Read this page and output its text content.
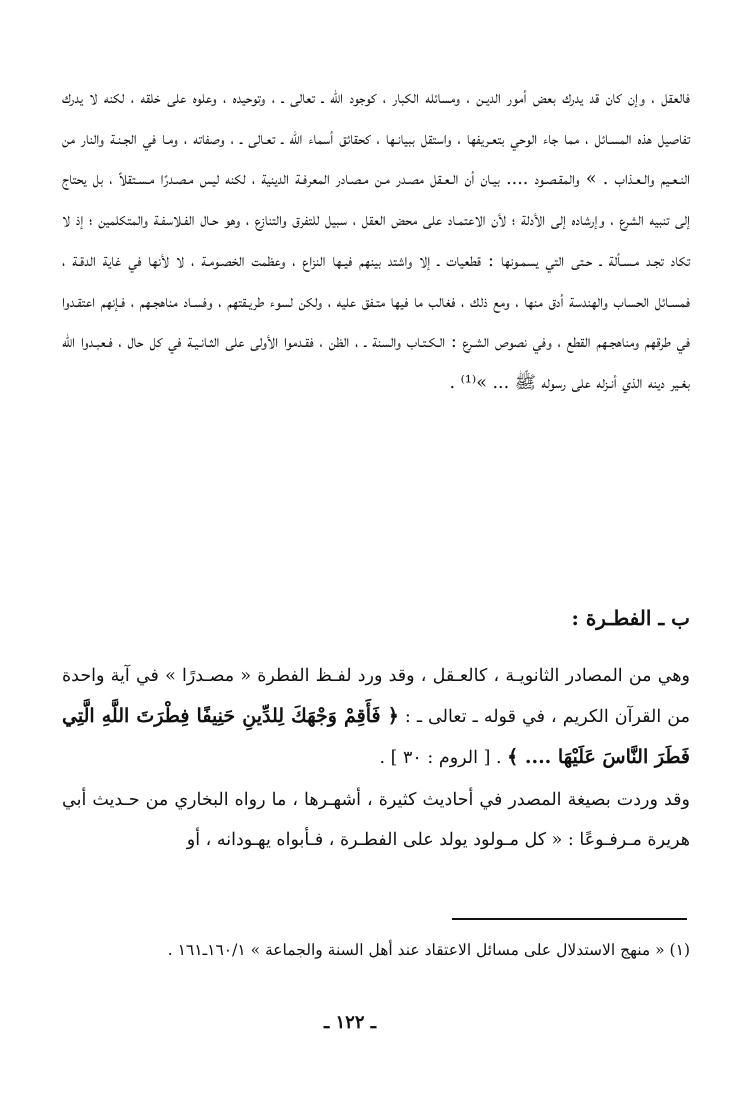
فالعقل ، وإن كان قد يدرك بعض أمور الديـن ، ومسائله الكبار ، كوجود الله ـ تعالى ـ ، وتوحيده ، وعلوه على خلقه ، لكنه لا يدرك تفاصيل هذه المسـائل ، مما جاء الوحي بتعـريفها ، واستقل ببيانـها ، كحقائق أسماء الله ـ تعـالى ـ ، وصفاته ، ومـا في الجـنـة والنار من النـعـيم والـعـذاب . » والمقـصـود .... بيـان أن الـعـقل مصـدر مـن مـصـادر المعرفـة الدينية ، لكنه ليس مـصـدرًا مـسـتقلاً ، بل يحتاج إلى تنبيه الشرع ، وإرشاده إلى الأدلة ؛ لأن الاعتمـاد على محض العقل ، سبيل للتفرق والتنازع ، وهو حـال الفـلاسفـة والمتكلمين ؛ إذ لا تكاد تجـد مـسـألة ـ حـتى التي يسمـونها : قطعيات ـ إلا واشتد بينهم فيـها النزاع ، وعظمت الخصـومـة ، لا لأنها في غاية الدقـة ، فمسـائل الحساب والهندسة أدق منها ، ومع ذلك ، فغالب ما فيها متـفق عليه ، ولكن لسوء طريـقتهم ، وفسـاد مناهجـهم ، فـإنهم اعتقـدوا في طرقهم ومناهجـهم القطع ، وفي نصوص الشـرع : الـكـتـاب والسنة ـ ، الظن ، فقـدموا الأولى على الثـانـيـة في كل حال ، فـعبـدوا الله بغـير دينه الذي أنـزله على رسوله ﷺ ... »⁽¹⁾ .

ب ـ الفطـرة :

وهي من المصادر الثانويـة ، كالعـقل ، وقد ورد لفـظ الفطرة « مصـدرًا » في آية واحدة من القرآن الكريم ، في قوله ـ تعالى ـ : ﴿ فَأَقِمْ وَجْهَكَ لِلدِّينِ حَنِيفًا فِطْرَتَ اللَّهِ الَّتِي فَطَرَ النَّاسَ عَلَيْهَا .... ﴾ . [ الروم : ٣٠ ] .

وقد وردت بصيغة المصدر في أحاديث كثيرة ، أشهـرها ، ما رواه البخاري من حـديث أبي هريرة مـرفـوعًا : « كل مـولود يولد على الفطـرة ، فـأبواه يهـودانه ، أو

(١) « منهج الاستدلال على مسائل الاعتقاد عند أهل السنة والجماعة » ١٦٠/١ـ١٦١ .
ـ ١٢٢ ـ
